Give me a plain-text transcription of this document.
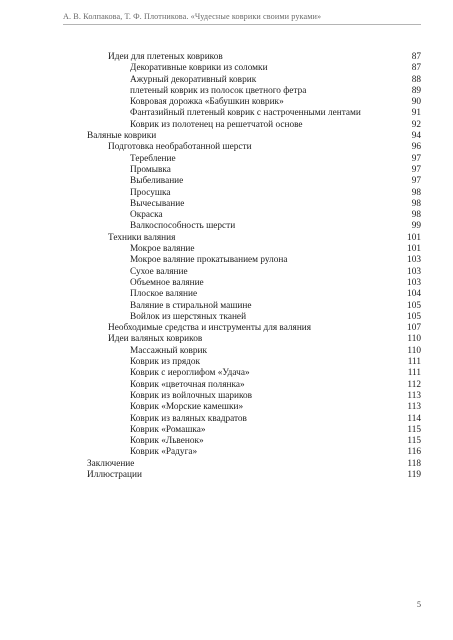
А. В. Колпакова, Т. Ф. Плотникова. «Чудесные коврики своими руками»
Идеи для плетеных ковриков	87
Декоративные коврики из соломки	87
Ажурный декоративный коврик	88
плетеный коврик из полосок цветного фетра	89
Ковровая дорожка «Бабушкин коврик»	90
Фантазийный плетеный коврик с настроченными лентами	91
Коврик из полотенец на решетчатой основе	92
Валяные коврики	94
Подготовка необработанной шерсти	96
Теребление	97
Промывка	97
Выбеливание	97
Просушка	98
Вычесывание	98
Окраска	98
Валкоспособность шерсти	99
Техники валяния	101
Мокрое валяние	101
Мокрое валяние прокатыванием рулона	103
Сухое валяние	103
Объемное валяние	103
Плоское валяние	104
Валяние в стиральной машине	105
Войлок из шерстяных тканей	105
Необходимые средства и инструменты для валяния	107
Идеи валяных ковриков	110
Массажный коврик	110
Коврик из прядок	111
Коврик с иероглифом «Удача»	111
Коврик «цветочная полянка»	112
Коврик из войлочных шариков	113
Коврик «Морские камешки»	113
Коврик из валяных квадратов	114
Коврик «Ромашка»	115
Коврик «Львенок»	115
Коврик «Радуга»	116
Заключение	118
Иллюстрации	119
5
